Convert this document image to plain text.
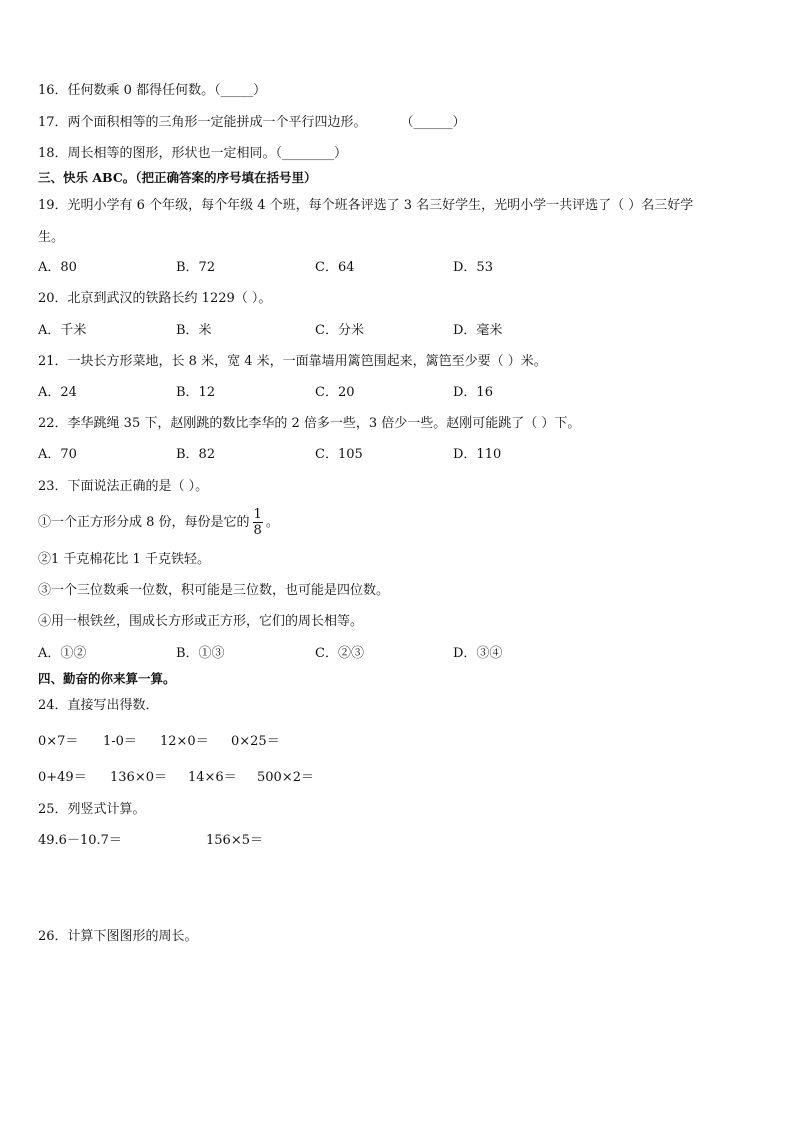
16．任何数乘 0 都得任何数。（_____）
17．两个面积相等的三角形一定能拼成一个平行四边形。	（______）
18．周长相等的图形，形状也一定相同。（________）
三、快乐 ABC。（把正确答案的序号填在括号里）
19．光明小学有 6 个年级，每个年级 4 个班，每个班各评选了 3 名三好学生，光明小学一共评选了（ ）名三好学
生。
A．80	B．72	C．64	D．53
20．北京到武汉的铁路长约 1229（ ）。
A．千米	B．米	C．分米	D．毫米
21．一块长方形菜地，长 8 米，宽 4 米，一面靠墙用篱笆围起来，篱笆至少要（ ）米。
A．24	B．12	C．20	D．16
22．李华跳绳 35 下，赵刚跳的数比李华的 2 倍多一些，3 倍少一些。赵刚可能跳了（ ）下。
A．70	B．82	C．105	D．110
23．下面说法正确的是（ ）。
①一个正方形分成 8 份，每份是它的 $\frac{1}{8}$ 。
②1 千克棉花比 1 千克铁轻。
③一个三位数乘一位数，积可能是三位数，也可能是四位数。
④用一根铁丝，围成长方形或正方形，它们的周长相等。
A．①②	B．①③	C．②③	D．③④
四、勤奋的你来算一算。
24．直接写出得数．
0×7＝ 1-0＝ 12×0＝ 0×25＝
0+49＝ 136×0＝ 14×6＝ 500×2＝
25．列竖式计算。
49.6－10.7＝	156×5＝
26．计算下图图形的周长。
